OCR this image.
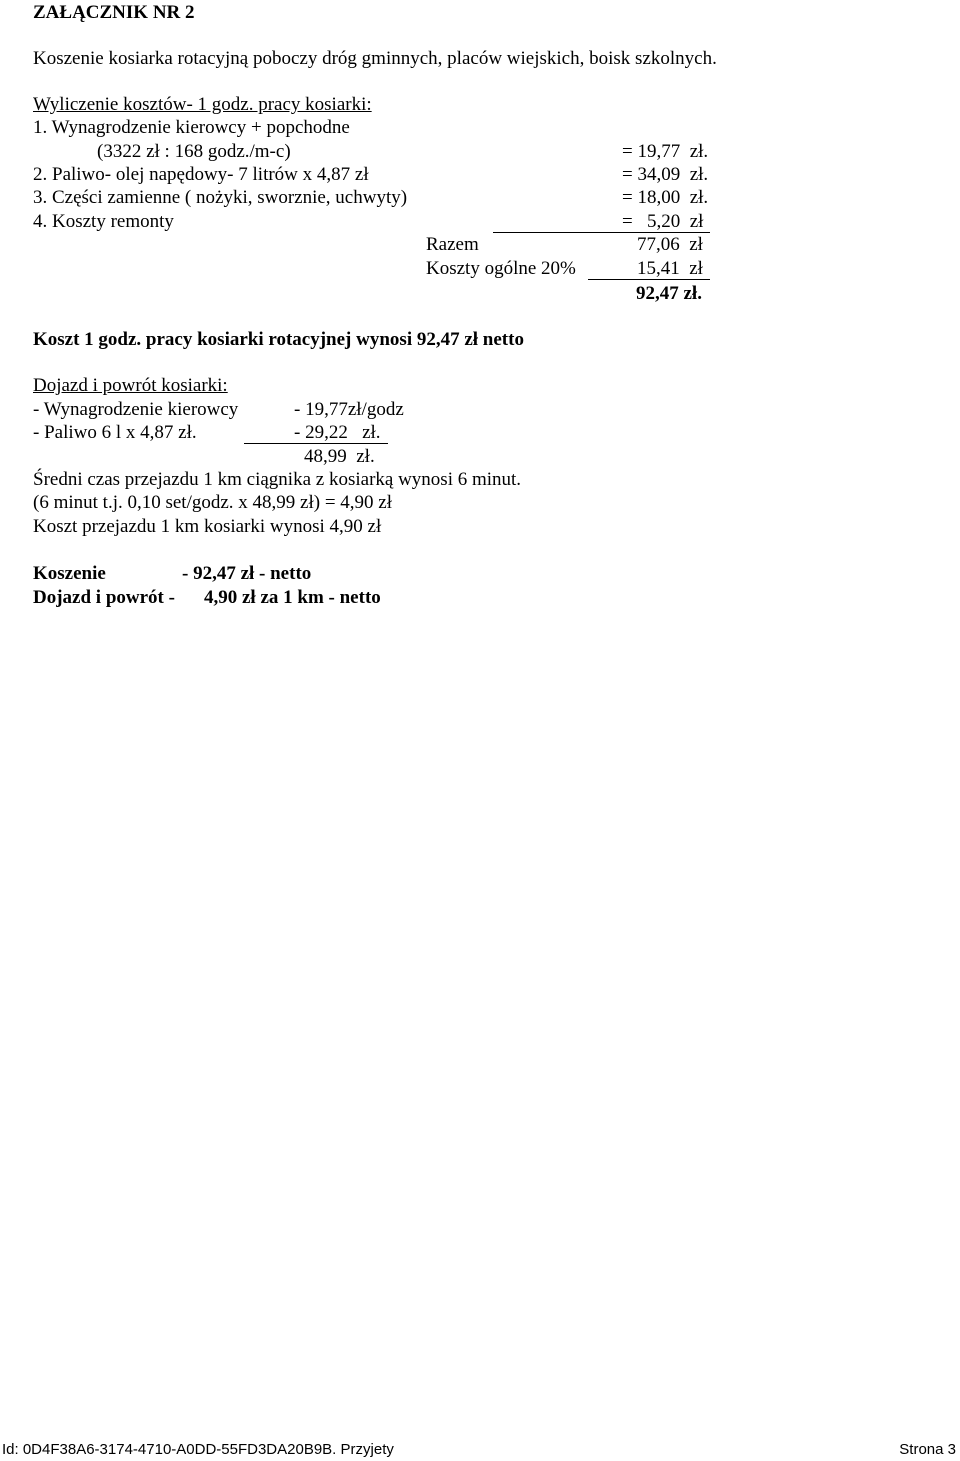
ZAŁĄCZNIK NR 2
Koszenie kosiarka rotacyjną poboczy dróg gminnych, placów wiejskich, boisk szkolnych.
Wyliczenie kosztów- 1 godz. pracy kosiarki:
1. Wynagrodzenie kierowcy + popchodne
(3322 zł : 168 godz./m-c)	= 19,77  zł.
2. Paliwo- olej napędowy- 7 litrów x 4,87 zł	= 34,09  zł.
3. Części zamienne ( nożyki, sworznie, uchwyty)	= 18,00  zł.
4. Koszty remonty	=   5,20  zł
Razem	77,06  zł
Koszty ogólne 20%	15,41  zł
92,47 zł.
Koszt 1 godz. pracy kosiarki rotacyjnej wynosi 92,47 zł netto
Dojazd i powrót kosiarki:
- Wynagrodzenie kierowcy	- 19,77zł/godz
- Paliwo 6 l x 4,87 zł.	- 29,22   zł.
48,99  zł.
Średni czas przejazdu 1 km ciągnika z kosiarką wynosi 6 minut.
(6 minut t.j. 0,10 set/godz. x 48,99 zł) = 4,90 zł
Koszt przejazdu 1 km kosiarki wynosi 4,90 zł
Koszenie	- 92,47 zł - netto
Dojazd i powrót - 4,90 zł za 1 km - netto
Id: 0D4F38A6-3174-4710-A0DD-55FD3DA20B9B. Przyjety	Strona 3
